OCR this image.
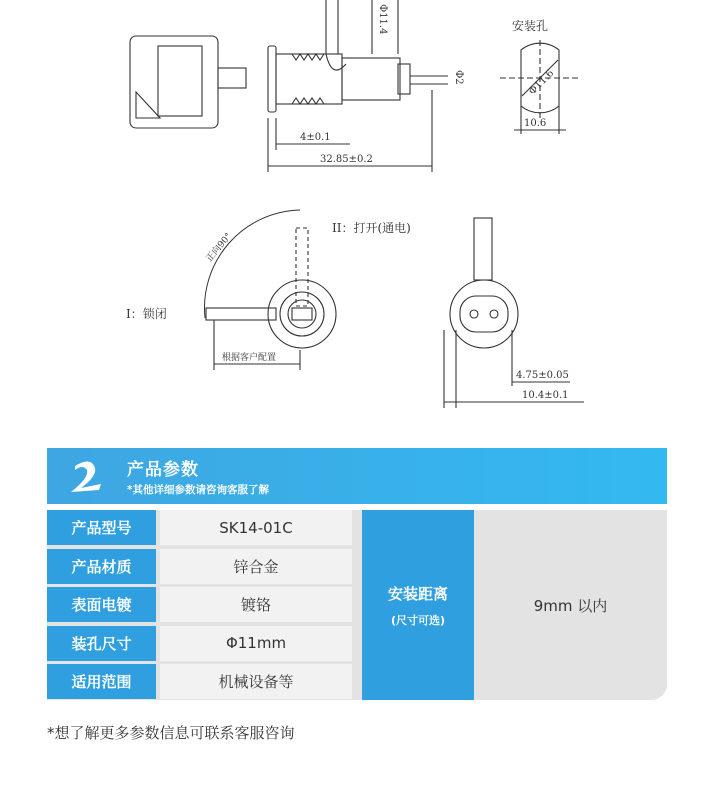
安装孔
Φ11.6
10.6
Φ2
Φ11.4
4±0.1
32.85±0.2
II：打开(通电)
I：锁闭
正向90°
根据客户配置
4.75±0.05
10.4±0.1
产品参数
*其他详细参数请咨询客服了解
产品型号	SK14-01C
产品材质	锌合金
表面电镀	镀铬
装孔尺寸	Φ11mm
适用范围	机械设备等
安装距离
(尺寸可选)
9mm 以内
*想了解更多参数信息可联系客服咨询
